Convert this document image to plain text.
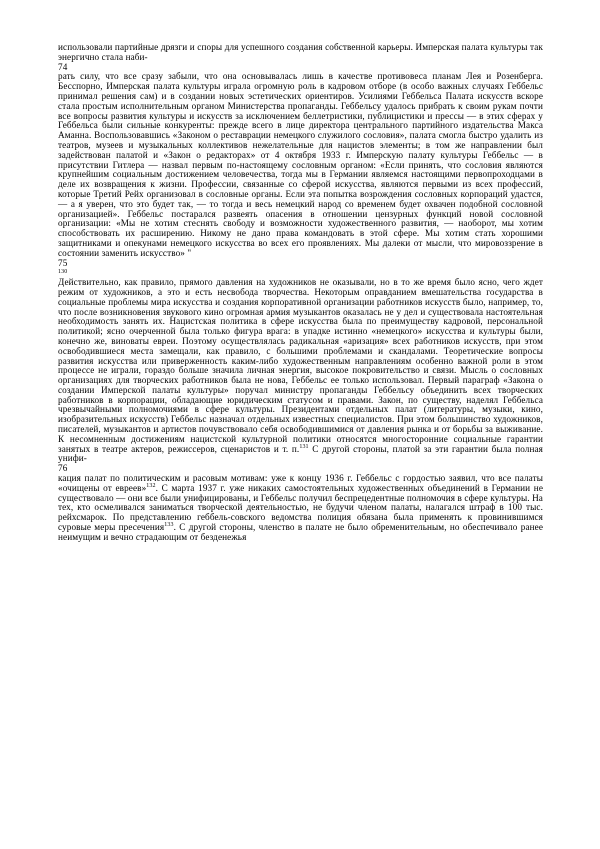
использовали партийные дрязги и споры для успешного создания собственной карьеры. Имперская палата культуры так энергично стала наби-

74

рать силу, что все сразу забыли, что она основывалась лишь в качестве противовеса планам Лея и Розенберга. Бесспорно, Имперская палата культуры играла огромную роль в кадровом отборе (в особо важных случаях Геббельс принимал решения сам) и в создании новых эстетических ориентиров. Усилиями Геббельса Палата искусств вскоре стала простым исполнительным органом Министерства пропаганды. Геббельсу удалось прибрать к своим рукам почти все вопросы развития культуры и искусств за исключением беллетристики, публицистики и прессы — в этих сферах у Геббельса были сильные конкуренты: прежде всего в лице директора центрального партийного издательства Макса Аманна. Воспользовавшись «Законом о реставрации немецкого служилого сословия», палата смогла быстро удалить из театров, музеев и музыкальных коллективов нежелательные для нацистов элементы; в том же направлении был задействован палатой и «Закон о редакторах» от 4 октября 1933 г. Имперскую палату культуры Геббельс — в присутствии Гитлера — назвал первым по-настоящему сословным органом: «Если принять, что сословия являются крупнейшим социальным достижением человечества, тогда мы в Германии являемся настоящими первопроходцами в деле их возвращения к жизни. Профессии, связанные со сферой искусства, являются первыми из всех профессий, которые Третий Рейх организовал в сословные органы. Если эта попытка возрождения сословных корпораций удастся, — а я уверен, что это будет так, — то тогда и весь немецкий народ со временем будет охвачен подобной сословной организацией». Геббельс постарался развеять опасения в отношении цензурных функций новой сословной организации: «Мы не хотим стеснять свободу и возможности художественного развития, — наоборот, мы хотим способствовать их расширению. Никому не дано права командовать в этой сфере. Мы хотим стать хорошими защитниками и опекунами немецкого искусства во всех его проявлениях. Мы далеки от мысли, что мировоззрение в состоянии заменить искусство» "

75
130

Действительно, как правило, прямого давления на художников не оказывали, но в то же время было ясно, чего ждет режим от художников, а это и есть несвобода творчества. Некоторым оправданием вмешательства государства в социальные проблемы мира искусства и создания корпоративной организации работников искусств было, например, то, что после возникновения звукового кино огромная армия музыкантов оказалась не у дел и существовала настоятельная необходимость занять их. Нацистская политика в сфере искусства была по преимуществу кадровой, персональной политикой; ясно очерченной была только фигура врага: в упадке истинно «немецкого» искусства и культуры были, конечно же, виноваты евреи. Поэтому осуществлялась радикальная «аризация» всех работников искусств, при этом освободившиеся места замещали, как правило, с большими проблемами и скандалами. Теоретические вопросы развития искусства или приверженность каким-либо художественным направлениям особенно важной роли в этом процессе не играли, гораздо больше значила личная энергия, высокое покровительство и связи. Мысль о сословных организациях для творческих работников была не нова, Геббельс ее только использовал. Первый параграф «Закона о создании Имперской палаты культуры» поручал министру пропаганды Геббельсу объединить всех творческих работников в корпорации, обладающие юридическим статусом и правами. Закон, по существу, наделял Геббельса чрезвычайными полномочиями в сфере культуры. Президентами отдельных палат (литературы, музыки, кино, изобразительных искусств) Геббельс назначал отдельных известных специалистов. При этом большинство художников, писателей, музыкантов и артистов почувствовало себя освободившимися от давления рынка и от борьбы за выживание. К несомненным достижениям нацистской культурной политики относятся многосторонние социальные гарантии занятых в театре актеров, режиссеров, сценаристов и т. п.$^{131}$ С другой стороны, платой за эти гарантии была полная унифи-

76

кация палат по политическим и расовым мотивам: уже к концу 1936 г. Геббельс с гордостью заявил, что все палаты «очищены от евреев»$^{132}$. С марта 1937 г. уже никаких самостоятельных художественных объединений в Германии не существовало — они все были унифицированы, и Геббельс получил беспрецедентные полномочия в сфере культуры. На тех, кто осмеливался заниматься творческой деятельностью, не будучи членом палаты, налагался штраф в 100 тыс. рейхсмарок. По представлению геббель-совского ведомства полиция обязана была применять к провинившимся суровые меры пресечения$^{133}$. С другой стороны, членство в палате не было обременительным, но обеспечивало ранее неимущим и вечно страдающим от безденежья
